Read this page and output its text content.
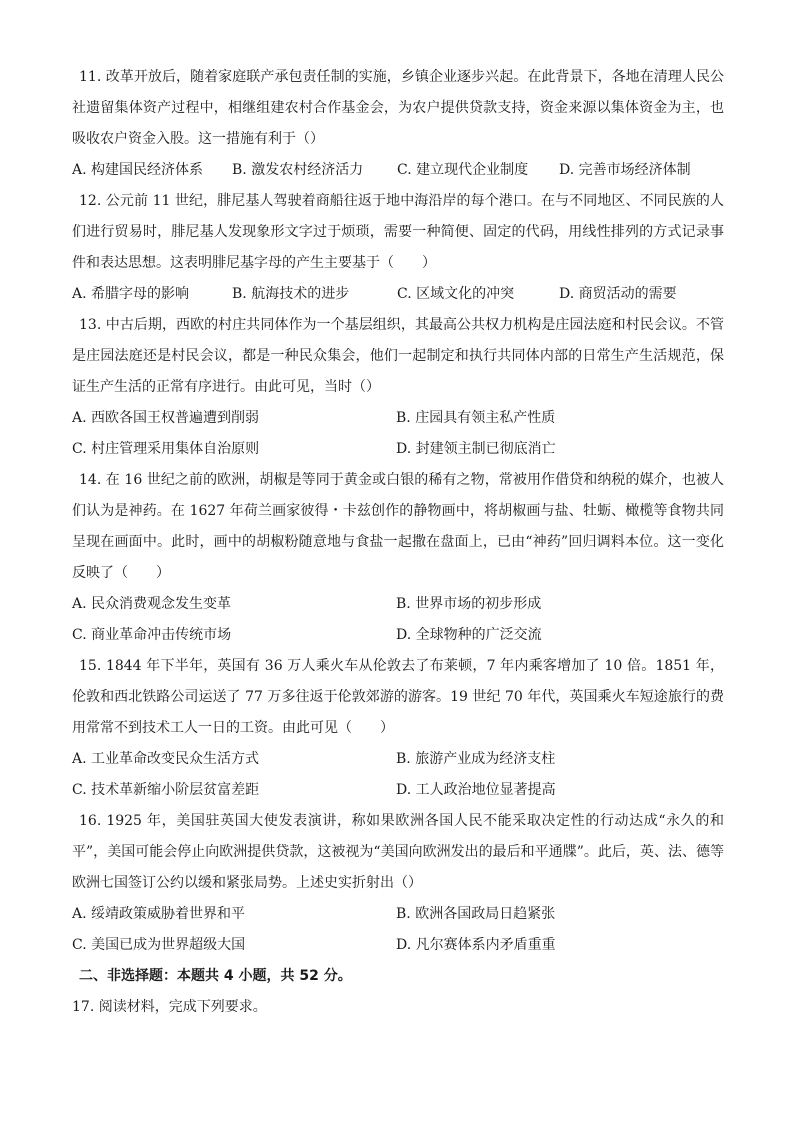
11. 改革开放后，随着家庭联产承包责任制的实施，乡镇企业逐步兴起。在此背景下，各地在清理人民公社遗留集体资产过程中，相继组建农村合作基金会，为农户提供贷款支持，资金来源以集体资金为主，也吸收农户资金入股。这一措施有利于（）

A. 构建国民经济体系	B. 激发农村经济活力	C. 建立现代企业制度	D. 完善市场经济体制

12. 公元前 11 世纪，腓尼基人驾驶着商船往返于地中海沿岸的每个港口。在与不同地区、不同民族的人们进行贸易时，腓尼基人发现象形文字过于烦琐，需要一种简便、固定的代码，用线性排列的方式记录事件和表达思想。这表明腓尼基字母的产生主要基于（　　）

A. 希腊字母的影响	B. 航海技术的进步	C. 区域文化的冲突	D. 商贸活动的需要

13. 中古后期，西欧的村庄共同体作为一个基层组织，其最高公共权力机构是庄园法庭和村民会议。不管是庄园法庭还是村民会议，都是一种民众集会，他们一起制定和执行共同体内部的日常生产生活规范，保证生产生活的正常有序进行。由此可见，当时（）

A. 西欧各国王权普遍遭到削弱	B. 庄园具有领主私产性质
C. 村庄管理采用集体自治原则	D. 封建领主制已彻底消亡

14. 在 16 世纪之前的欧洲，胡椒是等同于黄金或白银的稀有之物，常被用作借贷和纳税的媒介，也被人们认为是神药。在 1627 年荷兰画家彼得・卡兹创作的静物画中，将胡椒画与盐、牡蛎、橄榄等食物共同呈现在画面中。此时，画中的胡椒粉随意地与食盐一起撒在盘面上，已由“神药”回归调料本位。这一变化反映了（　　）

A. 民众消费观念发生变革	B. 世界市场的初步形成
C. 商业革命冲击传统市场	D. 全球物种的广泛交流

15. 1844 年下半年，英国有 36 万人乘火车从伦敦去了布莱顿，7 年内乘客增加了 10 倍。1851 年，伦敦和西北铁路公司运送了 77 万多往返于伦敦郊游的游客。19 世纪 70 年代，英国乘火车短途旅行的费用常常不到技术工人一日的工资。由此可见（　　）

A. 工业革命改变民众生活方式	B. 旅游产业成为经济支柱
C. 技术革新缩小阶层贫富差距	D. 工人政治地位显著提高

16. 1925 年，美国驻英国大使发表演讲，称如果欧洲各国人民不能采取决定性的行动达成“永久的和平”，美国可能会停止向欧洲提供贷款，这被视为“美国向欧洲发出的最后和平通牒”。此后，英、法、德等欧洲七国签订公约以缓和紧张局势。上述史实折射出（）

A. 绥靖政策威胁着世界和平	B. 欧洲各国政局日趋紧张
C. 美国已成为世界超级大国	D. 凡尔赛体系内矛盾重重

二、非选择题：本题共 4 小题，共 52 分。

17. 阅读材料，完成下列要求。
